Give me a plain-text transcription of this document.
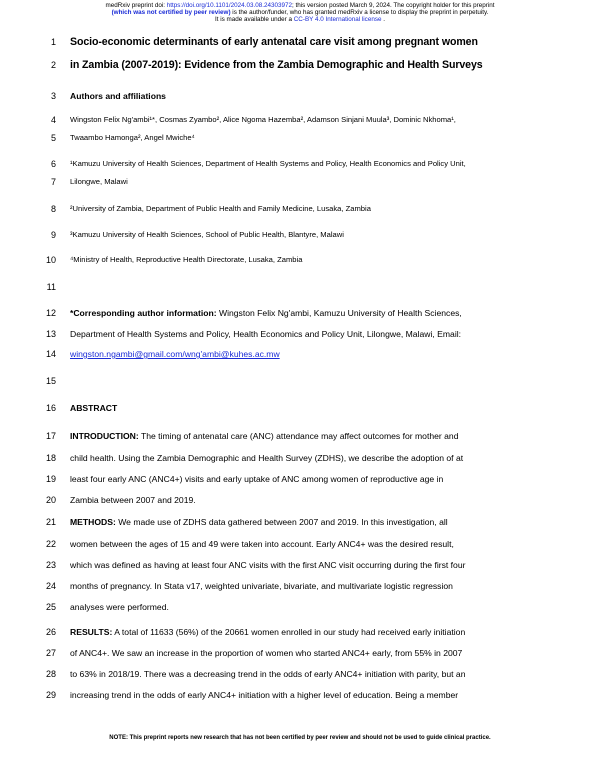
medRxiv preprint doi: https://doi.org/10.1101/2024.03.08.24303972; this version posted March 9, 2024. The copyright holder for this preprint
(which was not certified by peer review) is the author/funder, who has granted medRxiv a license to display the preprint in perpetuity.
It is made available under a CC-BY 4.0 International license .
1 Socio-economic determinants of early antenatal care visit among pregnant women
2 in Zambia (2007-2019): Evidence from the Zambia Demographic and Health Surveys
3 Authors and affiliations
4 Wingston Felix Ng'ambi¹*, Cosmas Zyambo², Alice Ngoma Hazemba², Adamson Sinjani Muula³, Dominic Nkhoma¹,
5 Twaambo Hamonga², Angel Mwiche⁴
6 ¹Kamuzu University of Health Sciences, Department of Health Systems and Policy, Health Economics and Policy Unit,
7 Lilongwe, Malawi
8 ²University of Zambia, Department of Public Health and Family Medicine, Lusaka, Zambia
9 ³Kamuzu University of Health Sciences, School of Public Health, Blantyre, Malawi
10 ⁴Ministry of Health, Reproductive Health Directorate, Lusaka, Zambia
11
12 *Corresponding author information: Wingston Felix Ng'ambi, Kamuzu University of Health Sciences,
13 Department of Health Systems and Policy, Health Economics and Policy Unit, Lilongwe, Malawi, Email:
14 wingston.ngambi@gmail.com/wng'ambi@kuhes.ac.mw
15
16 ABSTRACT
17 INTRODUCTION: The timing of antenatal care (ANC) attendance may affect outcomes for mother and
18 child health. Using the Zambia Demographic and Health Survey (ZDHS), we describe the adoption of at
19 least four early ANC (ANC4+) visits and early uptake of ANC among women of reproductive age in
20 Zambia between 2007 and 2019.
21 METHODS: We made use of ZDHS data gathered between 2007 and 2019. In this investigation, all
22 women between the ages of 15 and 49 were taken into account. Early ANC4+ was the desired result,
23 which was defined as having at least four ANC visits with the first ANC visit occurring during the first four
24 months of pregnancy. In Stata v17, weighted univariate, bivariate, and multivariate logistic regression
25 analyses were performed.
26 RESULTS: A total of 11633 (56%) of the 20661 women enrolled in our study had received early initiation
27 of ANC4+. We saw an increase in the proportion of women who started ANC4+ early, from 55% in 2007
28 to 63% in 2018/19. There was a decreasing trend in the odds of early ANC4+ initiation with parity, but an
29 increasing trend in the odds of early ANC4+ initiation with a higher level of education. Being a member
NOTE: This preprint reports new research that has not been certified by peer review and should not be used to guide clinical practice.
